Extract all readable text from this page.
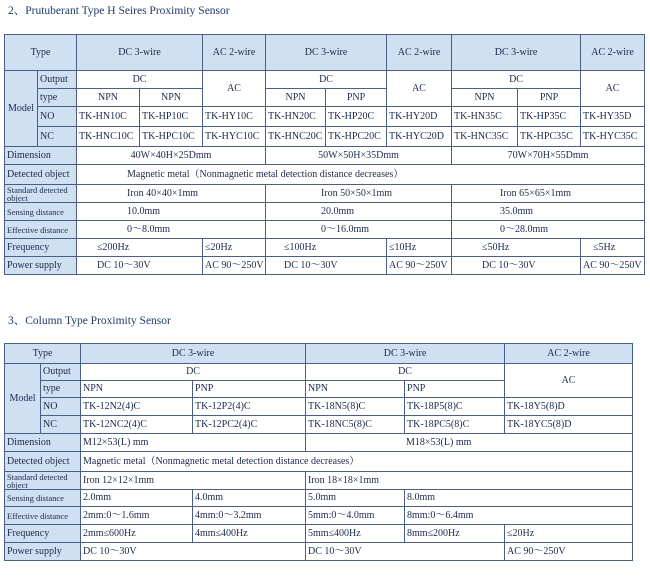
2、Prutuberant Type H Seires Proximity Sensor
Type		DC 3-wire		AC 2-wire	DC 3-wire		AC 2-wire	DC 3-wire		AC 2-wire
Model	Output	DC		AC	DC		AC	DC		AC
	type	NPN	NPN		NPN	PNP		NPN	PNP	
	NO	TK-HN10C	TK-HP10C	TK-HY10C	TK-HN20C	TK-HP20C	TK-HY20D	TK-HN35C	TK-HP35C	TK-HY35D
	NC	TK-HNC10C	TK-HPC10C	TK-HYC10C	TK-HNC20C	TK-HPC20C	TK-HYC20D	TK-HNC35C	TK-HPC35C	TK-HYC35C
Dimension		40W×40H×25Dmm			50W×50H×35Dmm			70W×70H×55Dmm		
Detected object		Magnetic metal（Nonmagnetic metal detection distance decreases）								
Standard detected object		Iron 40×40×1mm			Iron 50×50×1mm			Iron 65×65×1mm		
Sensing distance		10.0mm			20.0mm			35.0mm		
Effective distance		0～8.0mm			0～16.0mm			0～28.0mm		
Frequency		≤200Hz		≤20Hz	≤100Hz		≤10Hz	≤50Hz		≤5Hz
Power supply		DC 10～30V		AC 90～250V	DC 10～30V		AC 90～250V	DC 10～30V		AC 90～250V
3、Column Type Proximity Sensor
Type		DC 3-wire		DC 3-wire		AC 2-wire
Model	Output	DC		DC		AC
	type	NPN	PNP	NPN	PNP	
	NO	TK-12N2(4)C	TK-12P2(4)C	TK-18N5(8)C	TK-18P5(8)C	TK-18Y5(8)D
	NC	TK-12NC2(4)C	TK-12PC2(4)C	TK-18NC5(8)C	TK-18PC5(8)C	TK-18YC5(8)D
Dimension		M12×53(L) mm		M18×53(L) mm		
Detected object		Magnetic metal（Nonmagnetic metal detection distance decreases）				
Standard detected object		Iron 12×12×1mm		Iron 18×18×1mm		
Sensing distance		2.0mm	4.0mm	5.0mm	8.0mm	
Effective distance		2mm:0～1.6mm	4mm:0～3.2mm	5mm:0～4.0mm	8mm:0～6.4mm	
Frequency		2mm≤600Hz	4mm≤400Hz	5mm≤400Hz	8mm≤200Hz	≤20Hz
Power supply		DC 10～30V		DC 10～30V		AC 90～250V
